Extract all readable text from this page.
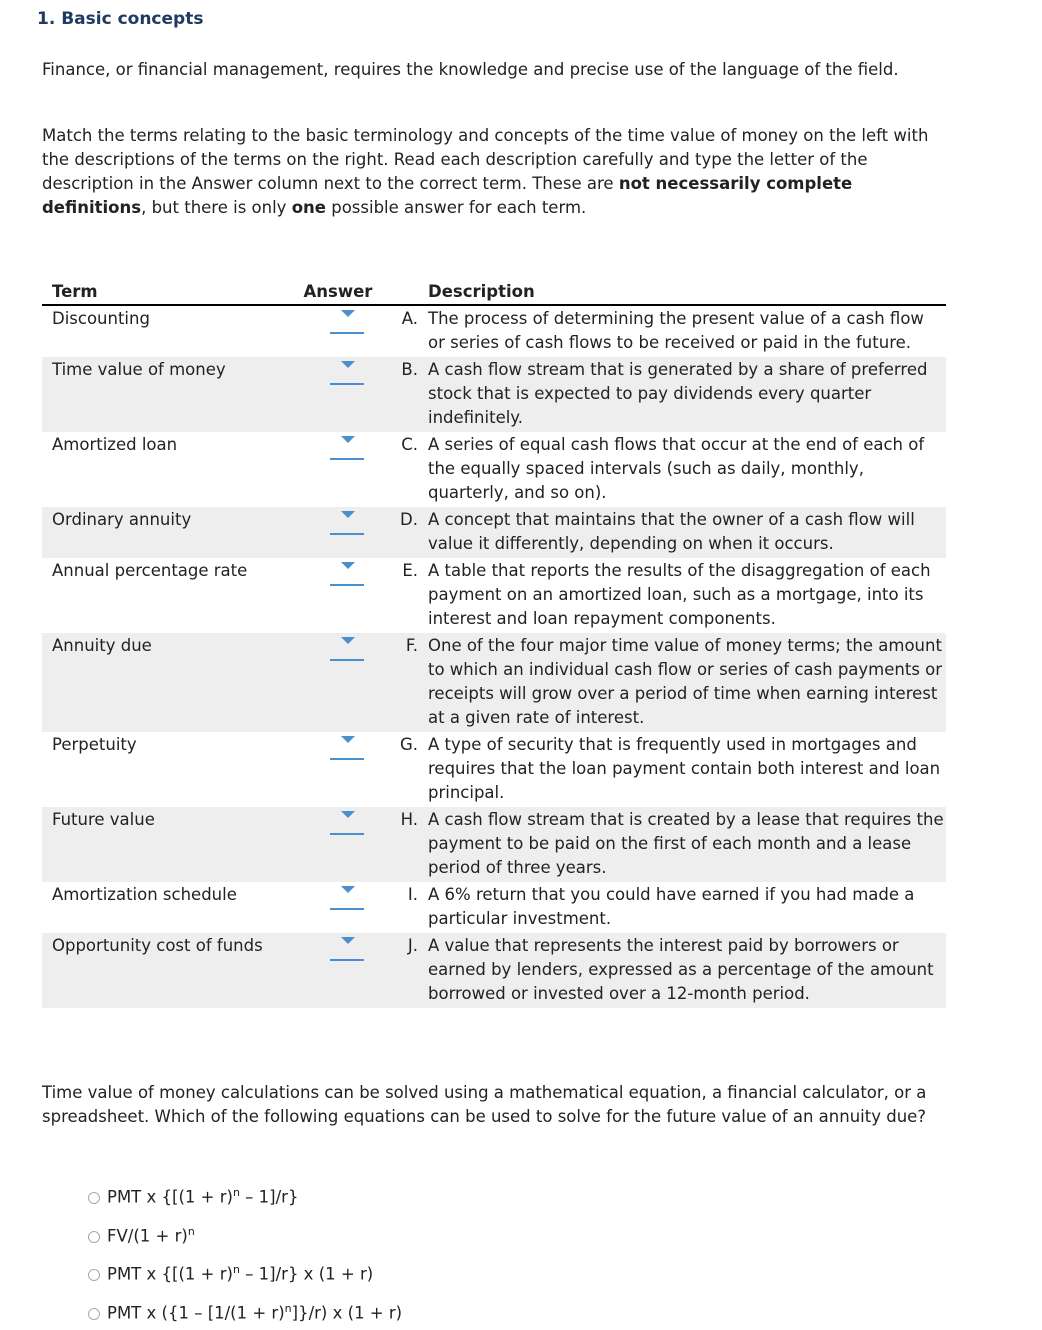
1. Basic concepts

Finance, or financial management, requires the knowledge and precise use of the language of the field.

Match the terms relating to the basic terminology and concepts of the time value of money on the left with the descriptions of the terms on the right. Read each description carefully and type the letter of the description in the Answer column next to the correct term. These are not necessarily complete definitions, but there is only one possible answer for each term.

Term	Answer		Description
Discounting		A.	The process of determining the present value of a cash flow or series of cash flows to be received or paid in the future.
Time value of money		B.	A cash flow stream that is generated by a share of preferred stock that is expected to pay dividends every quarter indefinitely.
Amortized loan		C.	A series of equal cash flows that occur at the end of each of the equally spaced intervals (such as daily, monthly, quarterly, and so on).
Ordinary annuity		D.	A concept that maintains that the owner of a cash flow will value it differently, depending on when it occurs.
Annual percentage rate		E.	A table that reports the results of the disaggregation of each payment on an amortized loan, such as a mortgage, into its interest and loan repayment components.
Annuity due		F.	One of the four major time value of money terms; the amount to which an individual cash flow or series of cash payments or receipts will grow over a period of time when earning interest at a given rate of interest.
Perpetuity		G.	A type of security that is frequently used in mortgages and requires that the loan payment contain both interest and loan principal.
Future value		H.	A cash flow stream that is created by a lease that requires the payment to be paid on the first of each month and a lease period of three years.
Amortization schedule		I.	A 6% return that you could have earned if you had made a particular investment.
Opportunity cost of funds		J.	A value that represents the interest paid by borrowers or earned by lenders, expressed as a percentage of the amount borrowed or invested over a 12-month period.

Time value of money calculations can be solved using a mathematical equation, a financial calculator, or a spreadsheet. Which of the following equations can be used to solve for the future value of an annuity due?

PMT x $\{[(1 + r)^n - 1]/r\}$
$FV/(1 + r)^n$
PMT x $\{[(1 + r)^n - 1]/r\}$ x (1 + r)
PMT x $(\{1 - [1/(1 + r)^n]\}/r)$ x (1 + r)
